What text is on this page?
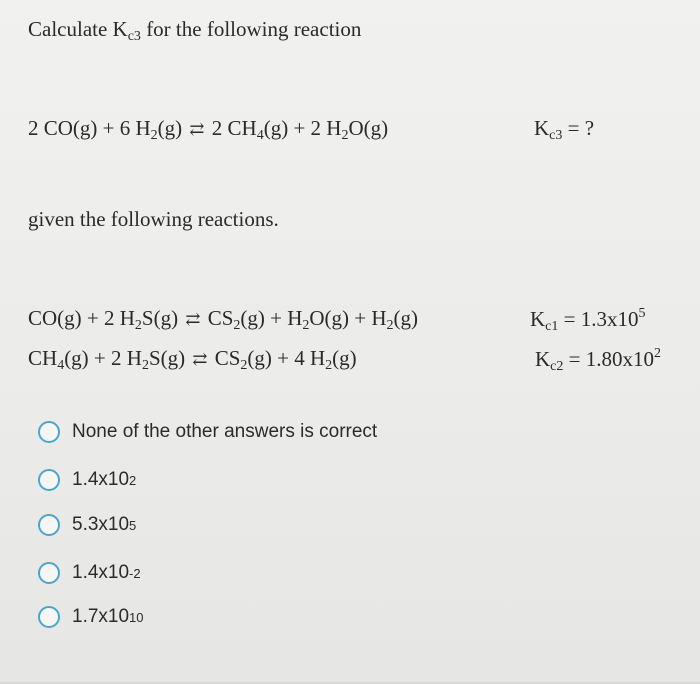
Calculate $K_{c3}$ for the following reaction
2 CO(g) + 6 $H_2(g)$ ⇄ 2 $CH_4(g) + 2$ $H_2O(g)$	$K_{c3}$ = ?
given the following reactions.
CO(g) + 2 $H_2S(g)$ ⇄ $CS_2(g) + H_2O(g) + H_2(g)$	$K_{c1} = 1.3x10^5$
$CH_4(g) + 2$ $H_2S(g)$ ⇄ $CS_2(g) + 4$ $H_2(g)$	$K_{c2} = 1.80x10^2$
None of the other answers is correct
1.4x10 2
5.3x10 5
1.4x10 -2
1.7x10 10
